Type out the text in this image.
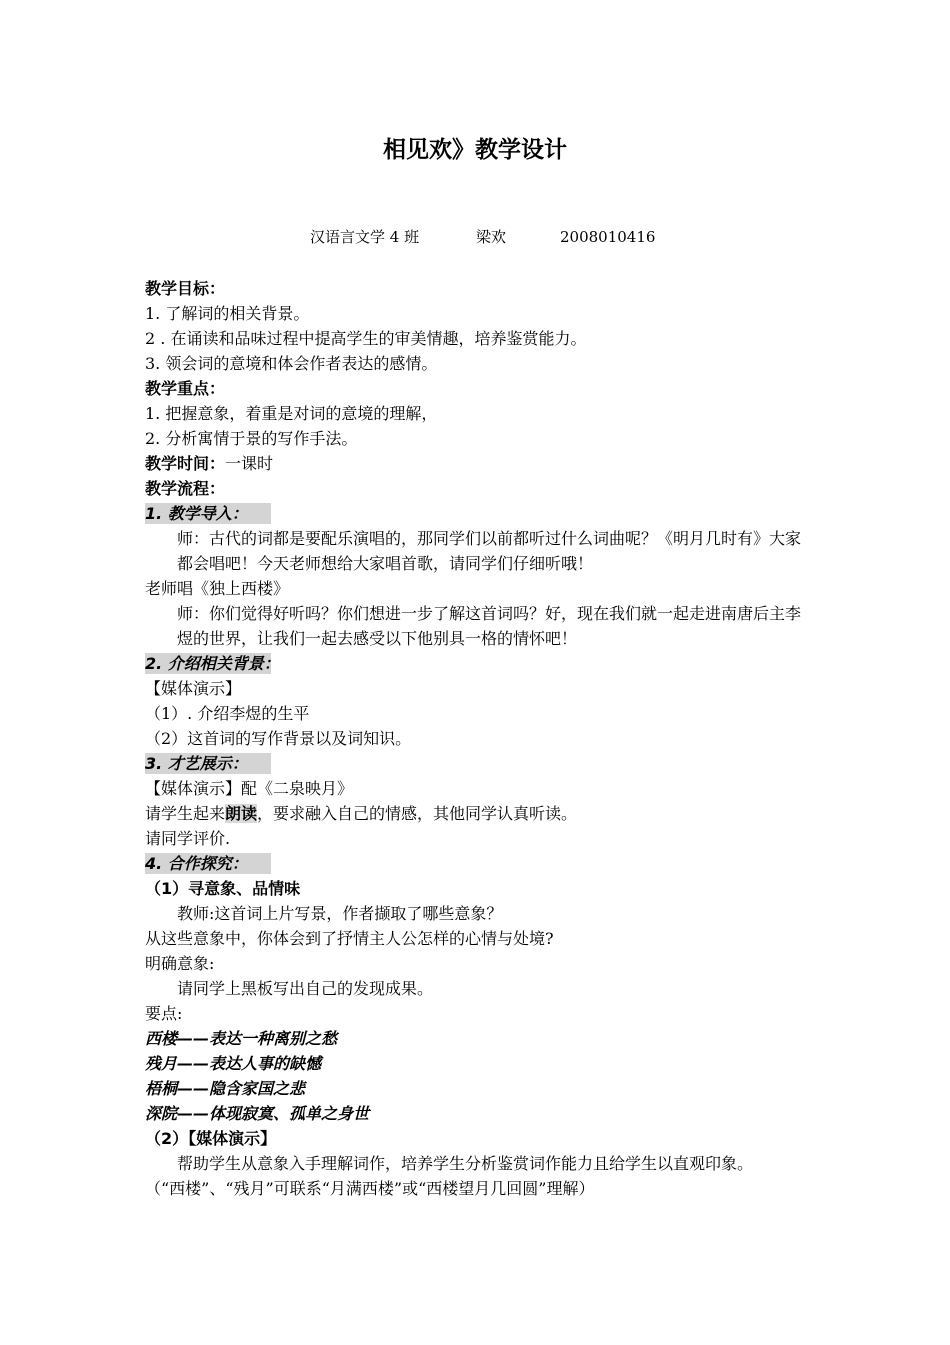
相见欢》教学设计
汉语言文学 4 班	梁欢	2008010416
教学目标：
1. 了解词的相关背景。
2 . 在诵读和品味过程中提高学生的审美情趣，培养鉴赏能力。
3. 领会词的意境和体会作者表达的感情。
教学重点：
1. 把握意象，着重是对词的意境的理解，
2. 分析寓情于景的写作手法。
教学时间：一课时
教学流程：
1. 教学导入：
师：古代的词都是要配乐演唱的，那同学们以前都听过什么词曲呢？《明月几时有》大家都会唱吧！今天老师想给大家唱首歌，请同学们仔细听哦！
老师唱《独上西楼》
师：你们觉得好听吗？你们想进一步了解这首词吗？好，现在我们就一起走进南唐后主李煜的世界，让我们一起去感受以下他别具一格的情怀吧！
2. 介绍相关背景：
【媒体演示】
（1）. 介绍李煜的生平
（2）这首词的写作背景以及词知识。
3. 才艺展示：
【媒体演示】配《二泉映月》
请学生起来朗读，要求融入自己的情感，其他同学认真听读。
请同学评价.
4. 合作探究：
（1）寻意象、品情味
教师:这首词上片写景，作者撷取了哪些意象？
从这些意象中，你体会到了抒情主人公怎样的心情与处境?
明确意象:
请同学上黑板写出自己的发现成果。
要点:
西楼——表达一种离别之愁
残月——表达人事的缺憾
梧桐——隐含家国之悲
深院——体现寂寞、孤单之身世
（2）【媒体演示】
帮助学生从意象入手理解词作，培养学生分析鉴赏词作能力且给学生以直观印象。
（“西楼”、“残月”可联系“月满西楼”或“西楼望月几回圆”理解）
